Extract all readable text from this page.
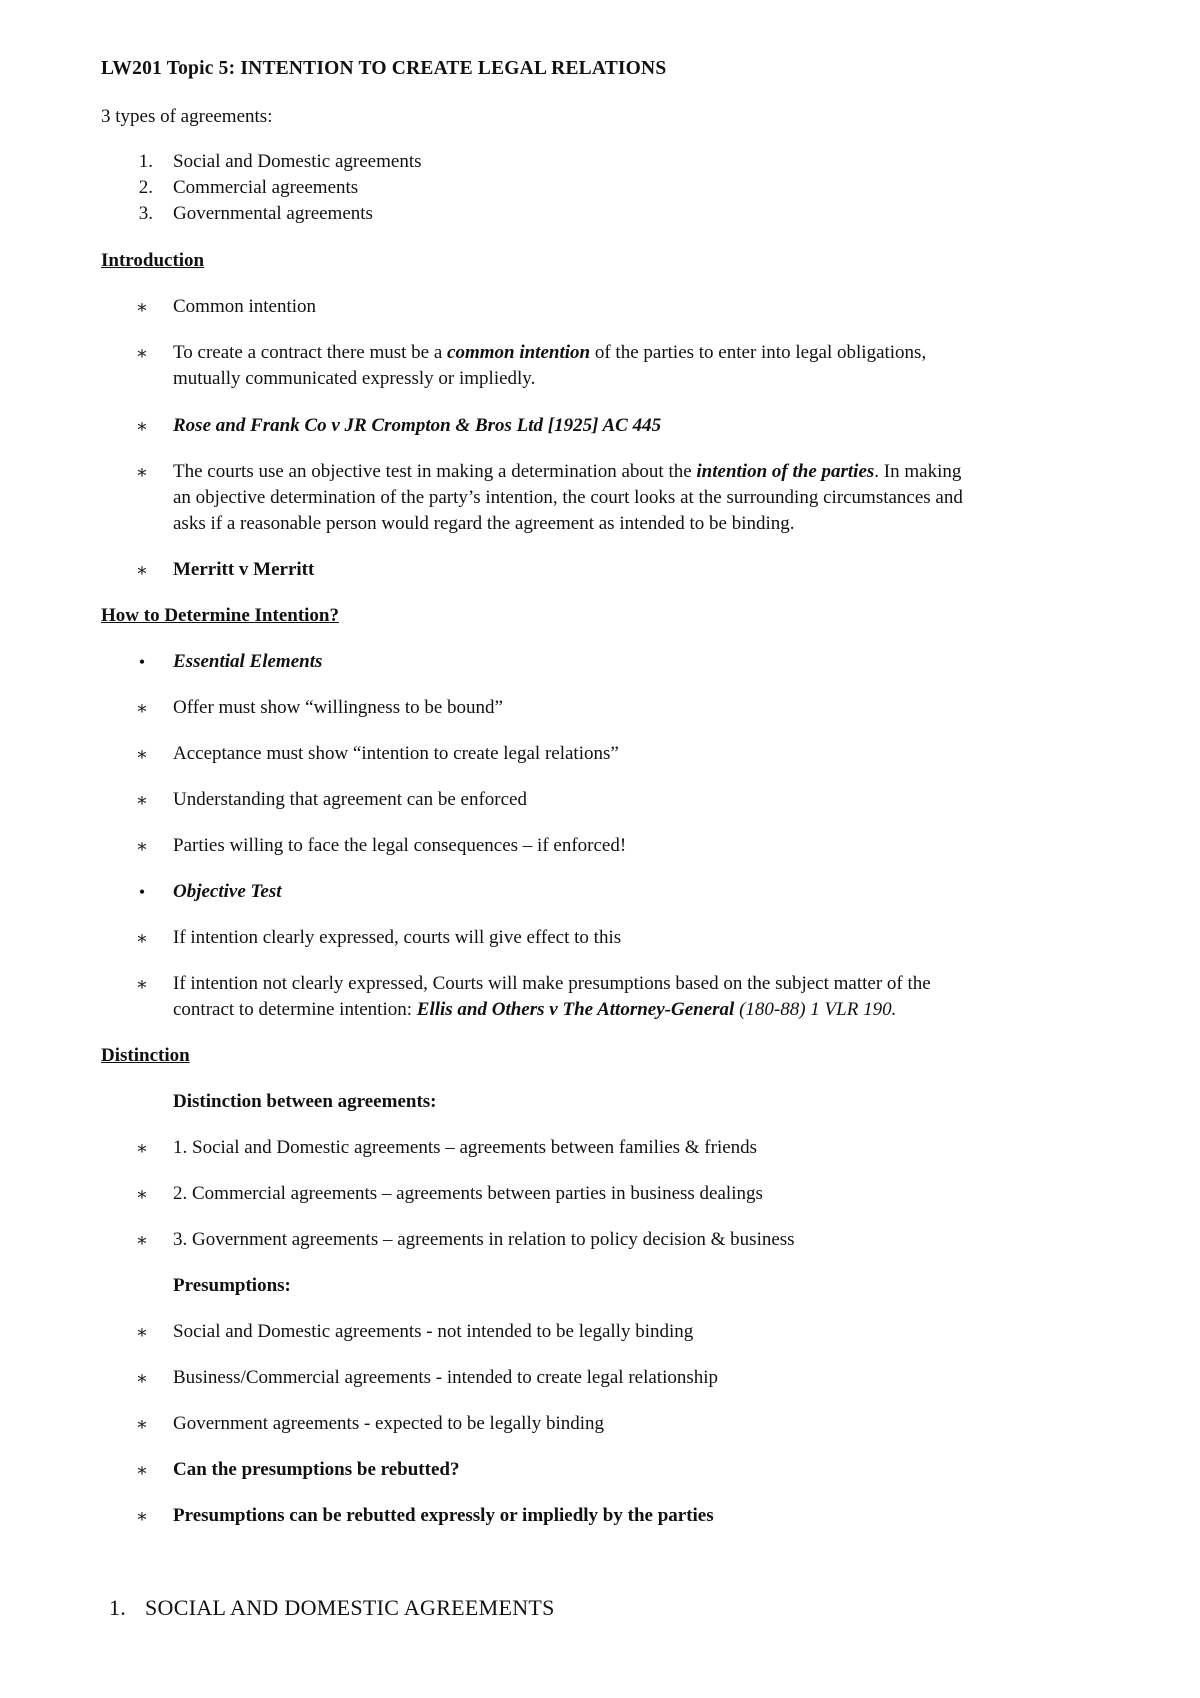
LW201 Topic 5: INTENTION TO CREATE LEGAL RELATIONS
3 types of agreements:
1. Social and Domestic agreements
2. Commercial agreements
3. Governmental agreements
Introduction
∗ Common intention
∗ To create a contract there must be a common intention of the parties to enter into legal obligations,
mutually communicated expressly or impliedly.
∗ Rose and Frank Co v JR Crompton & Bros Ltd [1925] AC 445
∗ The courts use an objective test in making a determination about the intention of the parties. In making
an objective determination of the party’s intention, the court looks at the surrounding circumstances and
asks if a reasonable person would regard the agreement as intended to be binding.
∗ Merritt v Merritt
How to Determine Intention?
• Essential Elements
∗ Offer must show “willingness to be bound”
∗ Acceptance must show “intention to create legal relations”
∗ Understanding that agreement can be enforced
∗ Parties willing to face the legal consequences – if enforced!
• Objective Test
∗ If intention clearly expressed, courts will give effect to this
∗ If intention not clearly expressed, Courts will make presumptions based on the subject matter of the
contract to determine intention: Ellis and Others v The Attorney-General (180-88) 1 VLR 190.
Distinction
Distinction between agreements:
∗ 1. Social and Domestic agreements – agreements between families & friends
∗ 2. Commercial agreements – agreements between parties in business dealings
∗ 3. Government agreements – agreements in relation to policy decision & business
Presumptions:
∗ Social and Domestic agreements - not intended to be legally binding
∗ Business/Commercial agreements - intended to create legal relationship
∗ Government agreements - expected to be legally binding
∗ Can the presumptions be rebutted?
∗ Presumptions can be rebutted expressly or impliedly by the parties
1. SOCIAL AND DOMESTIC AGREEMENTS
